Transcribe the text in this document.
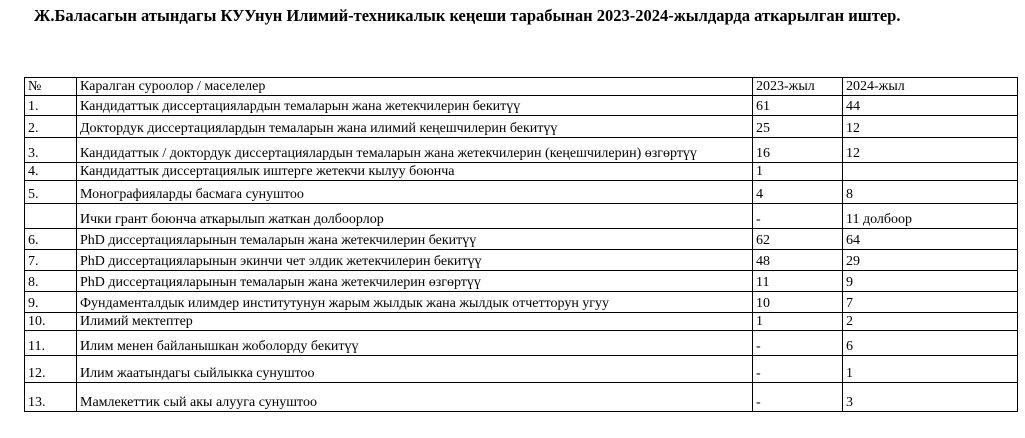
Ж.Баласагын атындагы КУУнун Илимий-техникалык кеңеши тарабынан 2023-2024-жылдарда аткарылган иштер.
№	Каралган суроолор / маселелер	2023-жыл	2024-жыл
1.	Кандидаттык диссертациялардын темаларын жана жетекчилерин бекитүү	61	44
2.	Доктордук диссертациялардын темаларын жана илимий кеңешчилерин бекитүү	25	12
3.	Кандидаттык / доктордук диссертациялардын темаларын жана жетекчилерин (кеңешчилерин) өзгөртүү	16	12
4.	Кандидаттык диссертациялык иштерге жетекчи кылуу боюнча	1	
5.	Монографияларды басмага сунуштоо	4	8
	Ички грант боюнча аткарылып жаткан долбоорлор	-	11 долбоор
6.	PhD диссертацияларынын темаларын жана жетекчилерин бекитүү	62	64
7.	PhD диссертацияларынын экинчи чет элдик жетекчилерин бекитүү	48	29
8.	PhD диссертацияларынын темаларын жана жетекчилерин өзгөртүү	11	9
9.	Фундаменталдык илимдер институтунун жарым жылдык жана жылдык отчетторун угуу	10	7
10.	Илимий мектептер	1	2
11.	Илим менен байланышкан жоболорду бекитүү	-	6
12.	Илим жаатындагы сыйлыкка сунуштоо	-	1
13.	Мамлекеттик сый акы алууга сунуштоо	-	3
